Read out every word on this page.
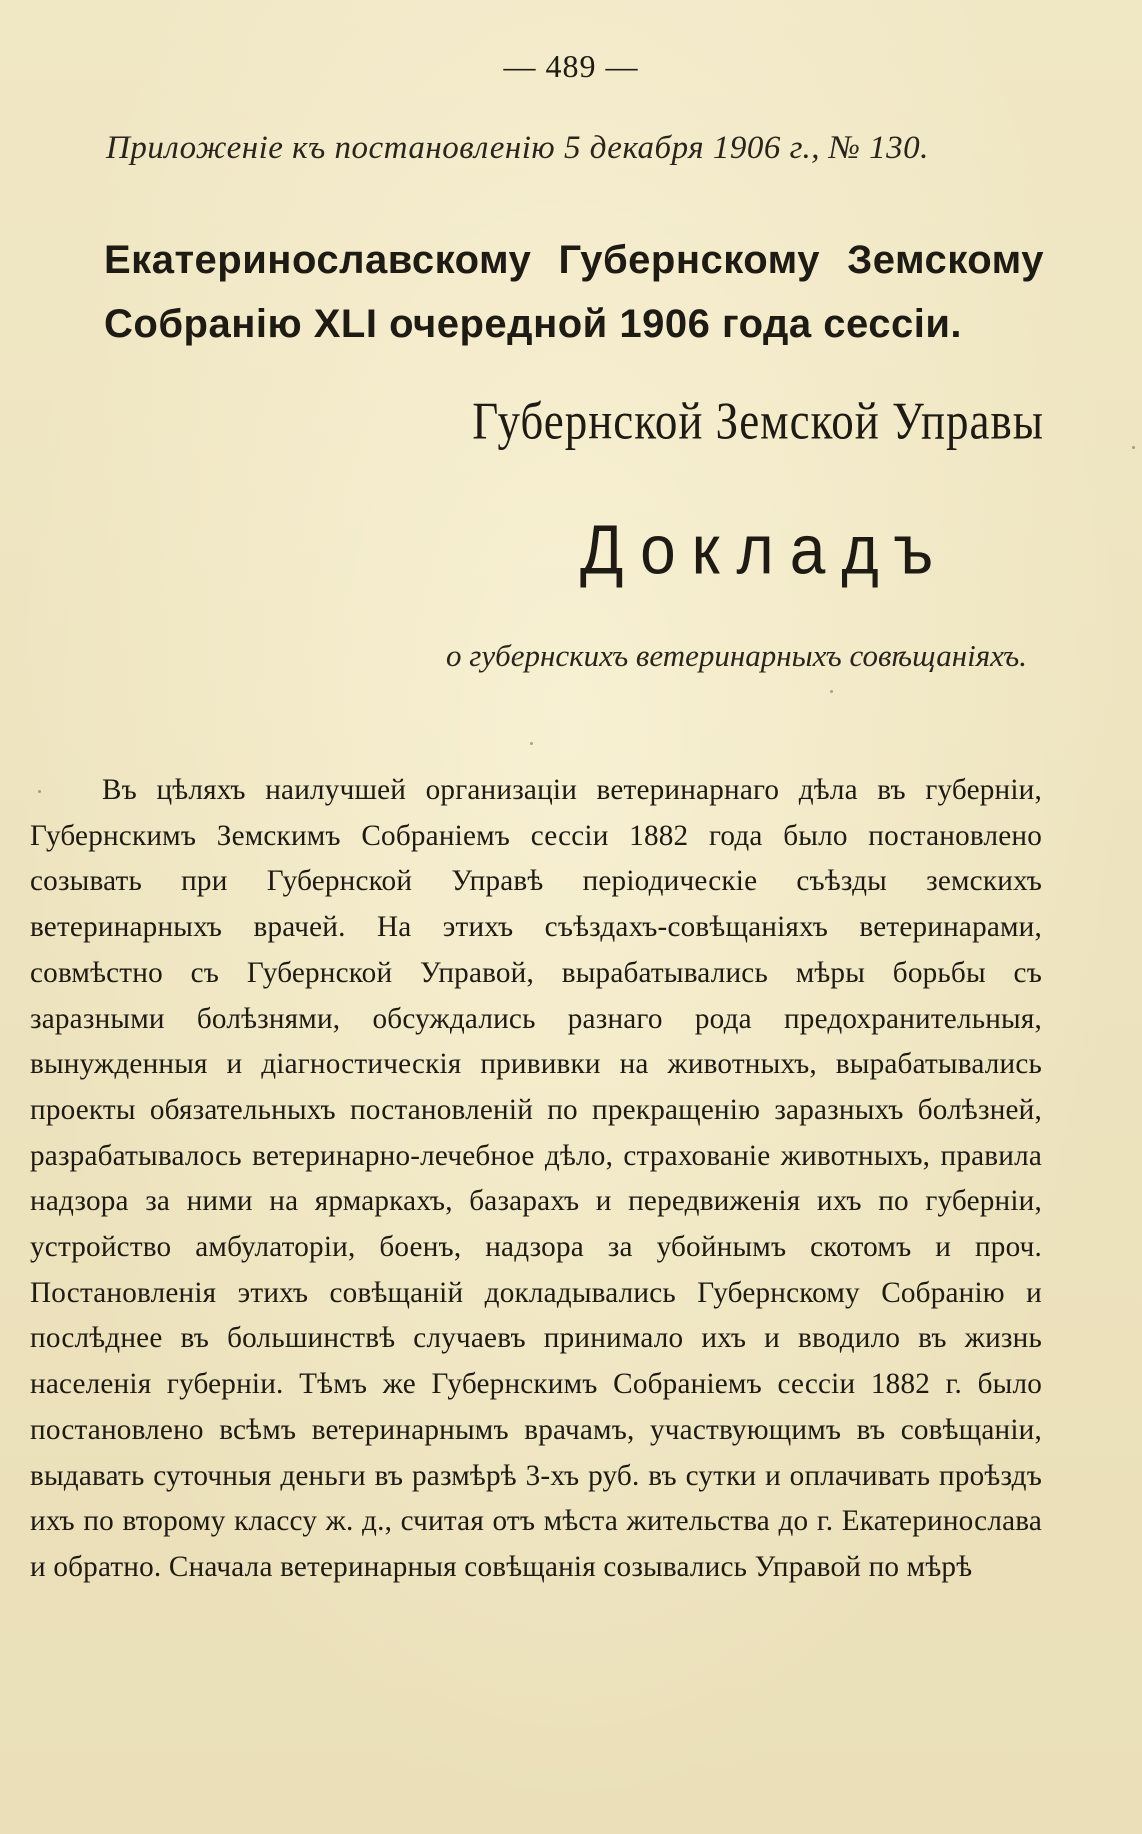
— 489 —
Приложеніе къ постановленію 5 декабря 1906 г., № 130.
Екатеринославскому Губернскому Земскому Собранію XLI очередной 1906 года сессіи.
Губернской Земской Управы
Докладъ
о губернскихъ ветеринарныхъ совѣщаніяхъ.

Въ цѣляхъ наилучшей организаціи ветеринарнаго дѣла въ губерніи, Губернскимъ Земскимъ Собраніемъ сессіи 1882 года было постановлено созывать при Губернской Управѣ періодическіе съѣзды земскихъ ветеринарныхъ врачей. На этихъ съѣздахъ-совѣщаніяхъ ветеринарами, совмѣстно съ Губернской Управой, вырабатывались мѣры борьбы съ заразными болѣзнями, обсуждались разнаго рода предохранительныя, вынужденныя и діагностическія прививки на животныхъ, вырабатывались проекты обязательныхъ постановленій по прекращенію заразныхъ болѣзней, разрабатывалось ветеринарно-лечебное дѣло, страхованіе животныхъ, правила надзора за ними на ярмаркахъ, базарахъ и передвиженія ихъ по губерніи, устройство амбулаторіи, боенъ, надзора за убойнымъ скотомъ и проч. Постановленія этихъ совѣщаній докладывались Губернскому Собранію и послѣднее въ большинствѣ случаевъ принимало ихъ и вводило въ жизнь населенія губерніи. Тѣмъ же Губернскимъ Собраніемъ сессіи 1882 г. было постановлено всѣмъ ветеринарнымъ врачамъ, участвующимъ въ совѣщаніи, выдавать суточныя деньги въ размѣрѣ 3-хъ руб. въ сутки и оплачивать проѣздъ ихъ по второму классу ж. д., считая отъ мѣста жительства до г. Екатеринослава и обратно. Сначала ветеринарныя совѣщанія созывались Управой по мѣрѣ
